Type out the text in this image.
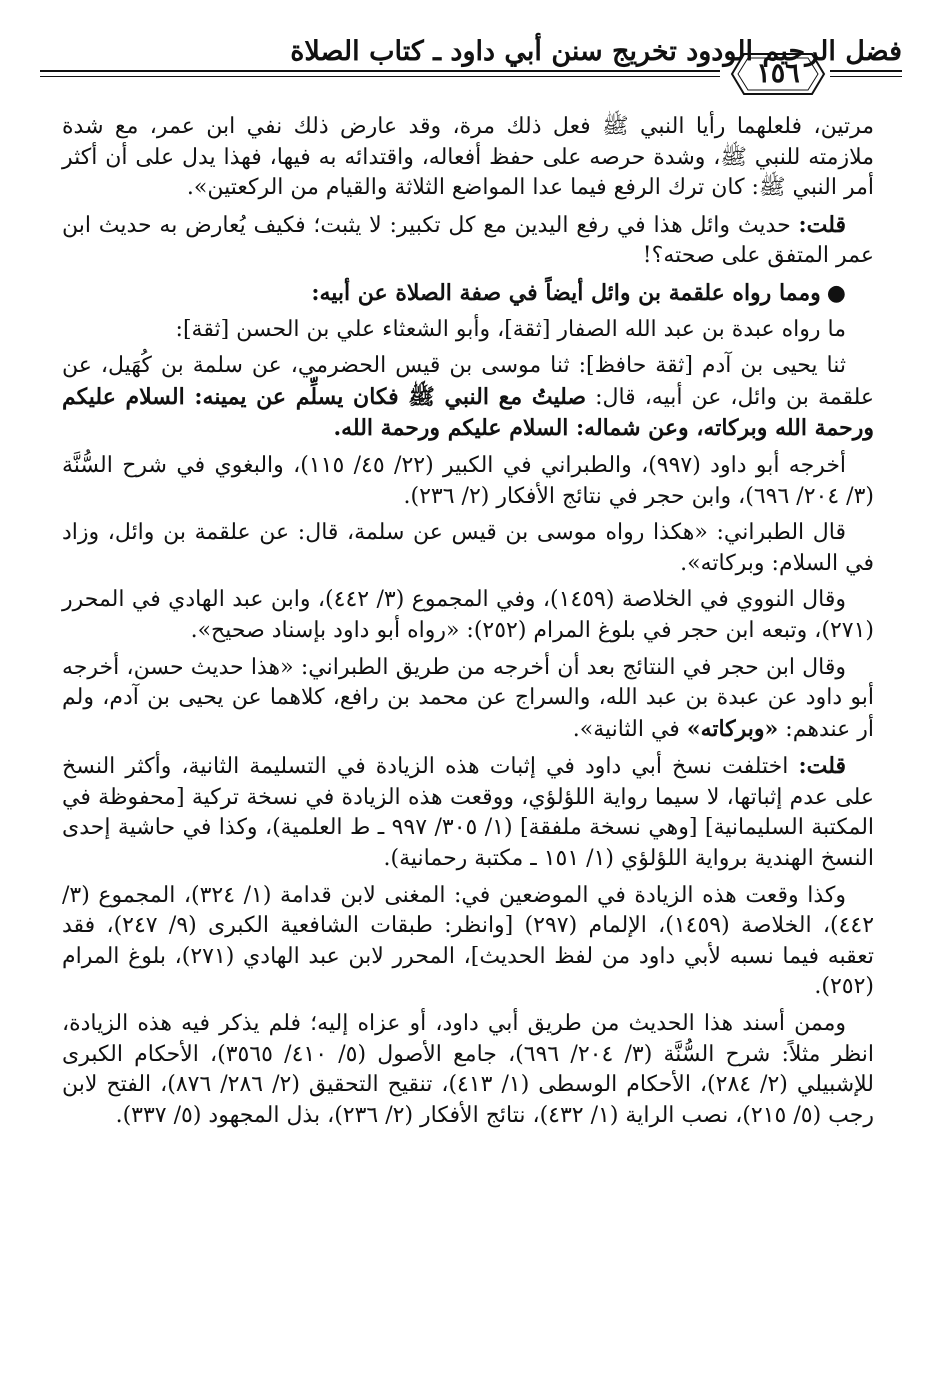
١٥٦
فضل الرحيم الودود تخريج سنن أبي داود ـ كتاب الصلاة

مرتين، فلعلهما رأيا النبي ﷺ فعل ذلك مرة، وقد عارض ذلك نفي ابن عمر، مع شدة ملازمته للنبي ﷺ، وشدة حرصه على حفظ أفعاله، واقتدائه به فيها، فهذا يدل على أن أكثر أمر النبي ﷺ: كان ترك الرفع فيما عدا المواضع الثلاثة والقيام من الركعتين».

قلت: حديث وائل هذا في رفع اليدين مع كل تكبير: لا يثبت؛ فكيف يُعارض به حديث ابن عمر المتفق على صحته؟!

●ومما رواه علقمة بن وائل أيضاً في صفة الصلاة عن أبيه:

ما رواه عبدة بن عبد الله الصفار [ثقة]، وأبو الشعثاء علي بن الحسن [ثقة]:

ثنا يحيى بن آدم [ثقة حافظ]: ثنا موسى بن قيس الحضرمي، عن سلمة بن كُهَيل، عن علقمة بن وائل، عن أبيه، قال: صليتُ مع النبي ﷺ فكان يسلِّم عن يمينه: السلام عليكم ورحمة الله وبركاته، وعن شماله: السلام عليكم ورحمة الله.

أخرجه أبو داود (٩٩٧)، والطبراني في الكبير (٢٢/ ٤٥/ ١١٥)، والبغوي في شرح السُّنَّة (٣/ ٢٠٤/ ٦٩٦)، وابن حجر في نتائج الأفكار (٢/ ٢٣٦).

قال الطبراني: «هكذا رواه موسى بن قيس عن سلمة، قال: عن علقمة بن وائل، وزاد في السلام: وبركاته».

وقال النووي في الخلاصة (١٤٥٩)، وفي المجموع (٣/ ٤٤٢)، وابن عبد الهادي في المحرر (٢٧١)، وتبعه ابن حجر في بلوغ المرام (٢٥٢): «رواه أبو داود بإسناد صحيح».

وقال ابن حجر في النتائج بعد أن أخرجه من طريق الطبراني: «هذا حديث حسن، أخرجه أبو داود عن عبدة بن عبد الله، والسراج عن محمد بن رافع، كلاهما عن يحيى بن آدم، ولم أر عندهم: «وبركاته» في الثانية».

قلت: اختلفت نسخ أبي داود في إثبات هذه الزيادة في التسليمة الثانية، وأكثر النسخ على عدم إثباتها، لا سيما رواية اللؤلؤي، ووقعت هذه الزيادة في نسخة تركية [محفوظة في المكتبة السليمانية] [وهي نسخة ملفقة] (١/ ٣٠٥/ ٩٩٧ ـ ط العلمية)، وكذا في حاشية إحدى النسخ الهندية برواية اللؤلؤي (١/ ١٥١ ـ مكتبة رحمانية).

وكذا وقعت هذه الزيادة في الموضعين في: المغنى لابن قدامة (١/ ٣٢٤)، المجموع (٣/ ٤٤٢)، الخلاصة (١٤٥٩)، الإلمام (٢٩٧) [وانظر: طبقات الشافعية الكبرى (٩/ ٢٤٧)، فقد تعقبه فيما نسبه لأبي داود من لفظ الحديث]، المحرر لابن عبد الهادي (٢٧١)، بلوغ المرام (٢٥٢).

وممن أسند هذا الحديث من طريق أبي داود، أو عزاه إليه؛ فلم يذكر فيه هذه الزيادة، انظر مثلاً: شرح السُّنَّة (٣/ ٢٠٤/ ٦٩٦)، جامع الأصول (٥/ ٤١٠/ ٣٥٦٥)، الأحكام الكبرى للإشبيلي (٢/ ٢٨٤)، الأحكام الوسطى (١/ ٤١٣)، تنقيح التحقيق (٢/ ٢٨٦/ ٨٧٦)، الفتح لابن رجب (٥/ ٢١٥)، نصب الراية (١/ ٤٣٢)، نتائج الأفكار (٢/ ٢٣٦)، بذل المجهود (٥/ ٣٣٧).
